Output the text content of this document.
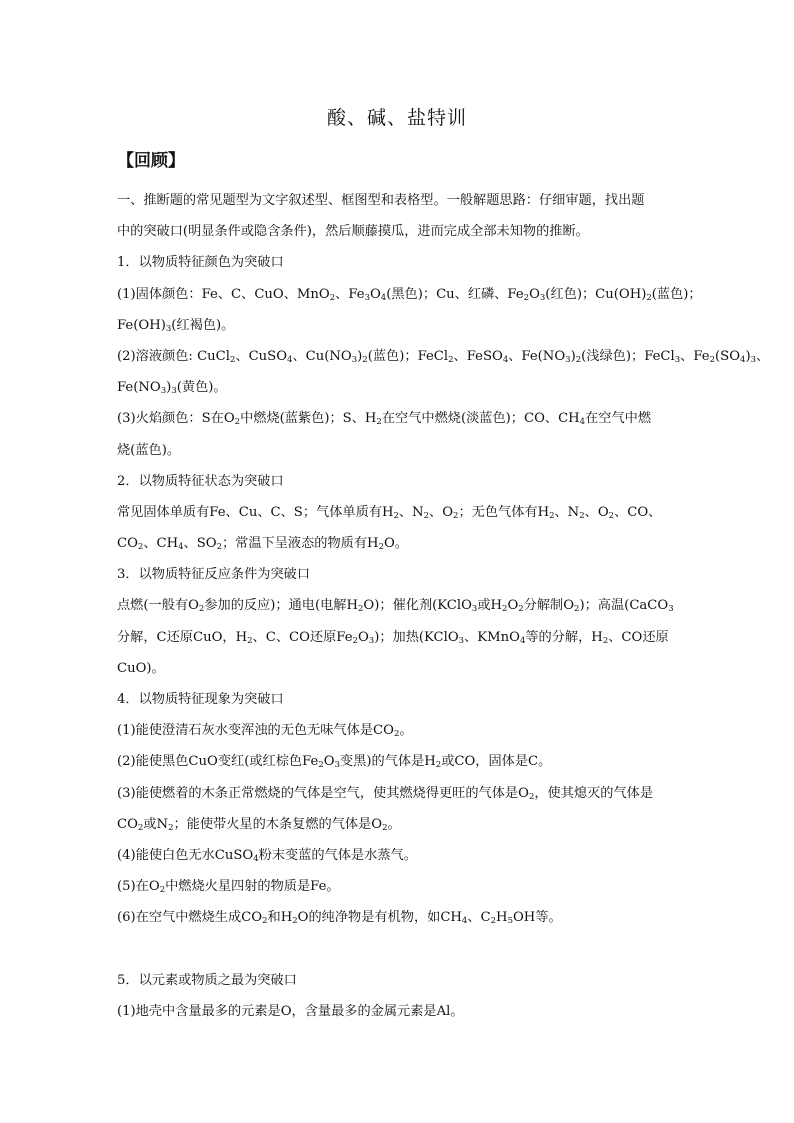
酸、碱、盐特训
【回顾】
一、推断题的常见题型为文字叙述型、框图型和表格型。一般解题思路：仔细审题，找出题
中的突破口(明显条件或隐含条件)，然后顺藤摸瓜，进而完成全部未知物的推断。
1．以物质特征颜色为突破口
(1)固体颜色：Fe、C、CuO、MnO$_2$、$Fe_3O_4$(黑色)；Cu、红磷、$Fe_2O_3$(红色)；$Cu(OH)_2$(蓝色)；
$Fe(OH)_3$(红褐色)。
(2)溶液颜色: CuCl$_2$、CuSO$_4$、$Cu(NO_3)_2$(蓝色)；FeCl$_2$、FeSO$_4$、$Fe(NO_3)_2$(浅绿色)；FeCl$_3$、$Fe_2(SO_4)_3$、
$Fe(NO_3)_3$(黄色)。
(3)火焰颜色：S在$O_2$中燃烧(蓝紫色)；S、$H_2$在空气中燃烧(淡蓝色)；CO、$CH_4$在空气中燃
烧(蓝色)。
2．以物质特征状态为突破口
常见固体单质有Fe、Cu、C、S；气体单质有$H_2$、$N_2$、$O_2$；无色气体有$H_2$、$N_2$、$O_2$、CO、
$CO_2$、$CH_4$、$SO_2$；常温下呈液态的物质有$H_2O$。
3．以物质特征反应条件为突破口
点燃(一般有$O_2$参加的反应)；通电(电解$H_2O$)；催化剂(KClO$_3$或$H_2O_2$分解制$O_2$)；高温(CaCO$_3$
分解，C还原CuO，$H_2$、C、CO还原$Fe_2O_3$)；加热(KClO$_3$、KMnO$_4$等的分解，$H_2$、CO还原
CuO)。
4．以物质特征现象为突破口
(1)能使澄清石灰水变浑浊的无色无味气体是$CO_2$。
(2)能使黑色CuO变红(或红棕色$Fe_2O_3$变黑)的气体是$H_2$或CO，固体是C。
(3)能使燃着的木条正常燃烧的气体是空气，使其燃烧得更旺的气体是$O_2$，使其熄灭的气体是
$CO_2$或$N_2$；能使带火星的木条复燃的气体是$O_2$。
(4)能使白色无水CuSO$_4$粉末变蓝的气体是水蒸气。
(5)在$O_2$中燃烧火星四射的物质是Fe。
(6)在空气中燃烧生成$CO_2$和$H_2O$的纯净物是有机物，如$CH_4$、$C_2H_5OH$等。
5．以元素或物质之最为突破口
(1)地壳中含量最多的元素是O，含量最多的金属元素是Al。
